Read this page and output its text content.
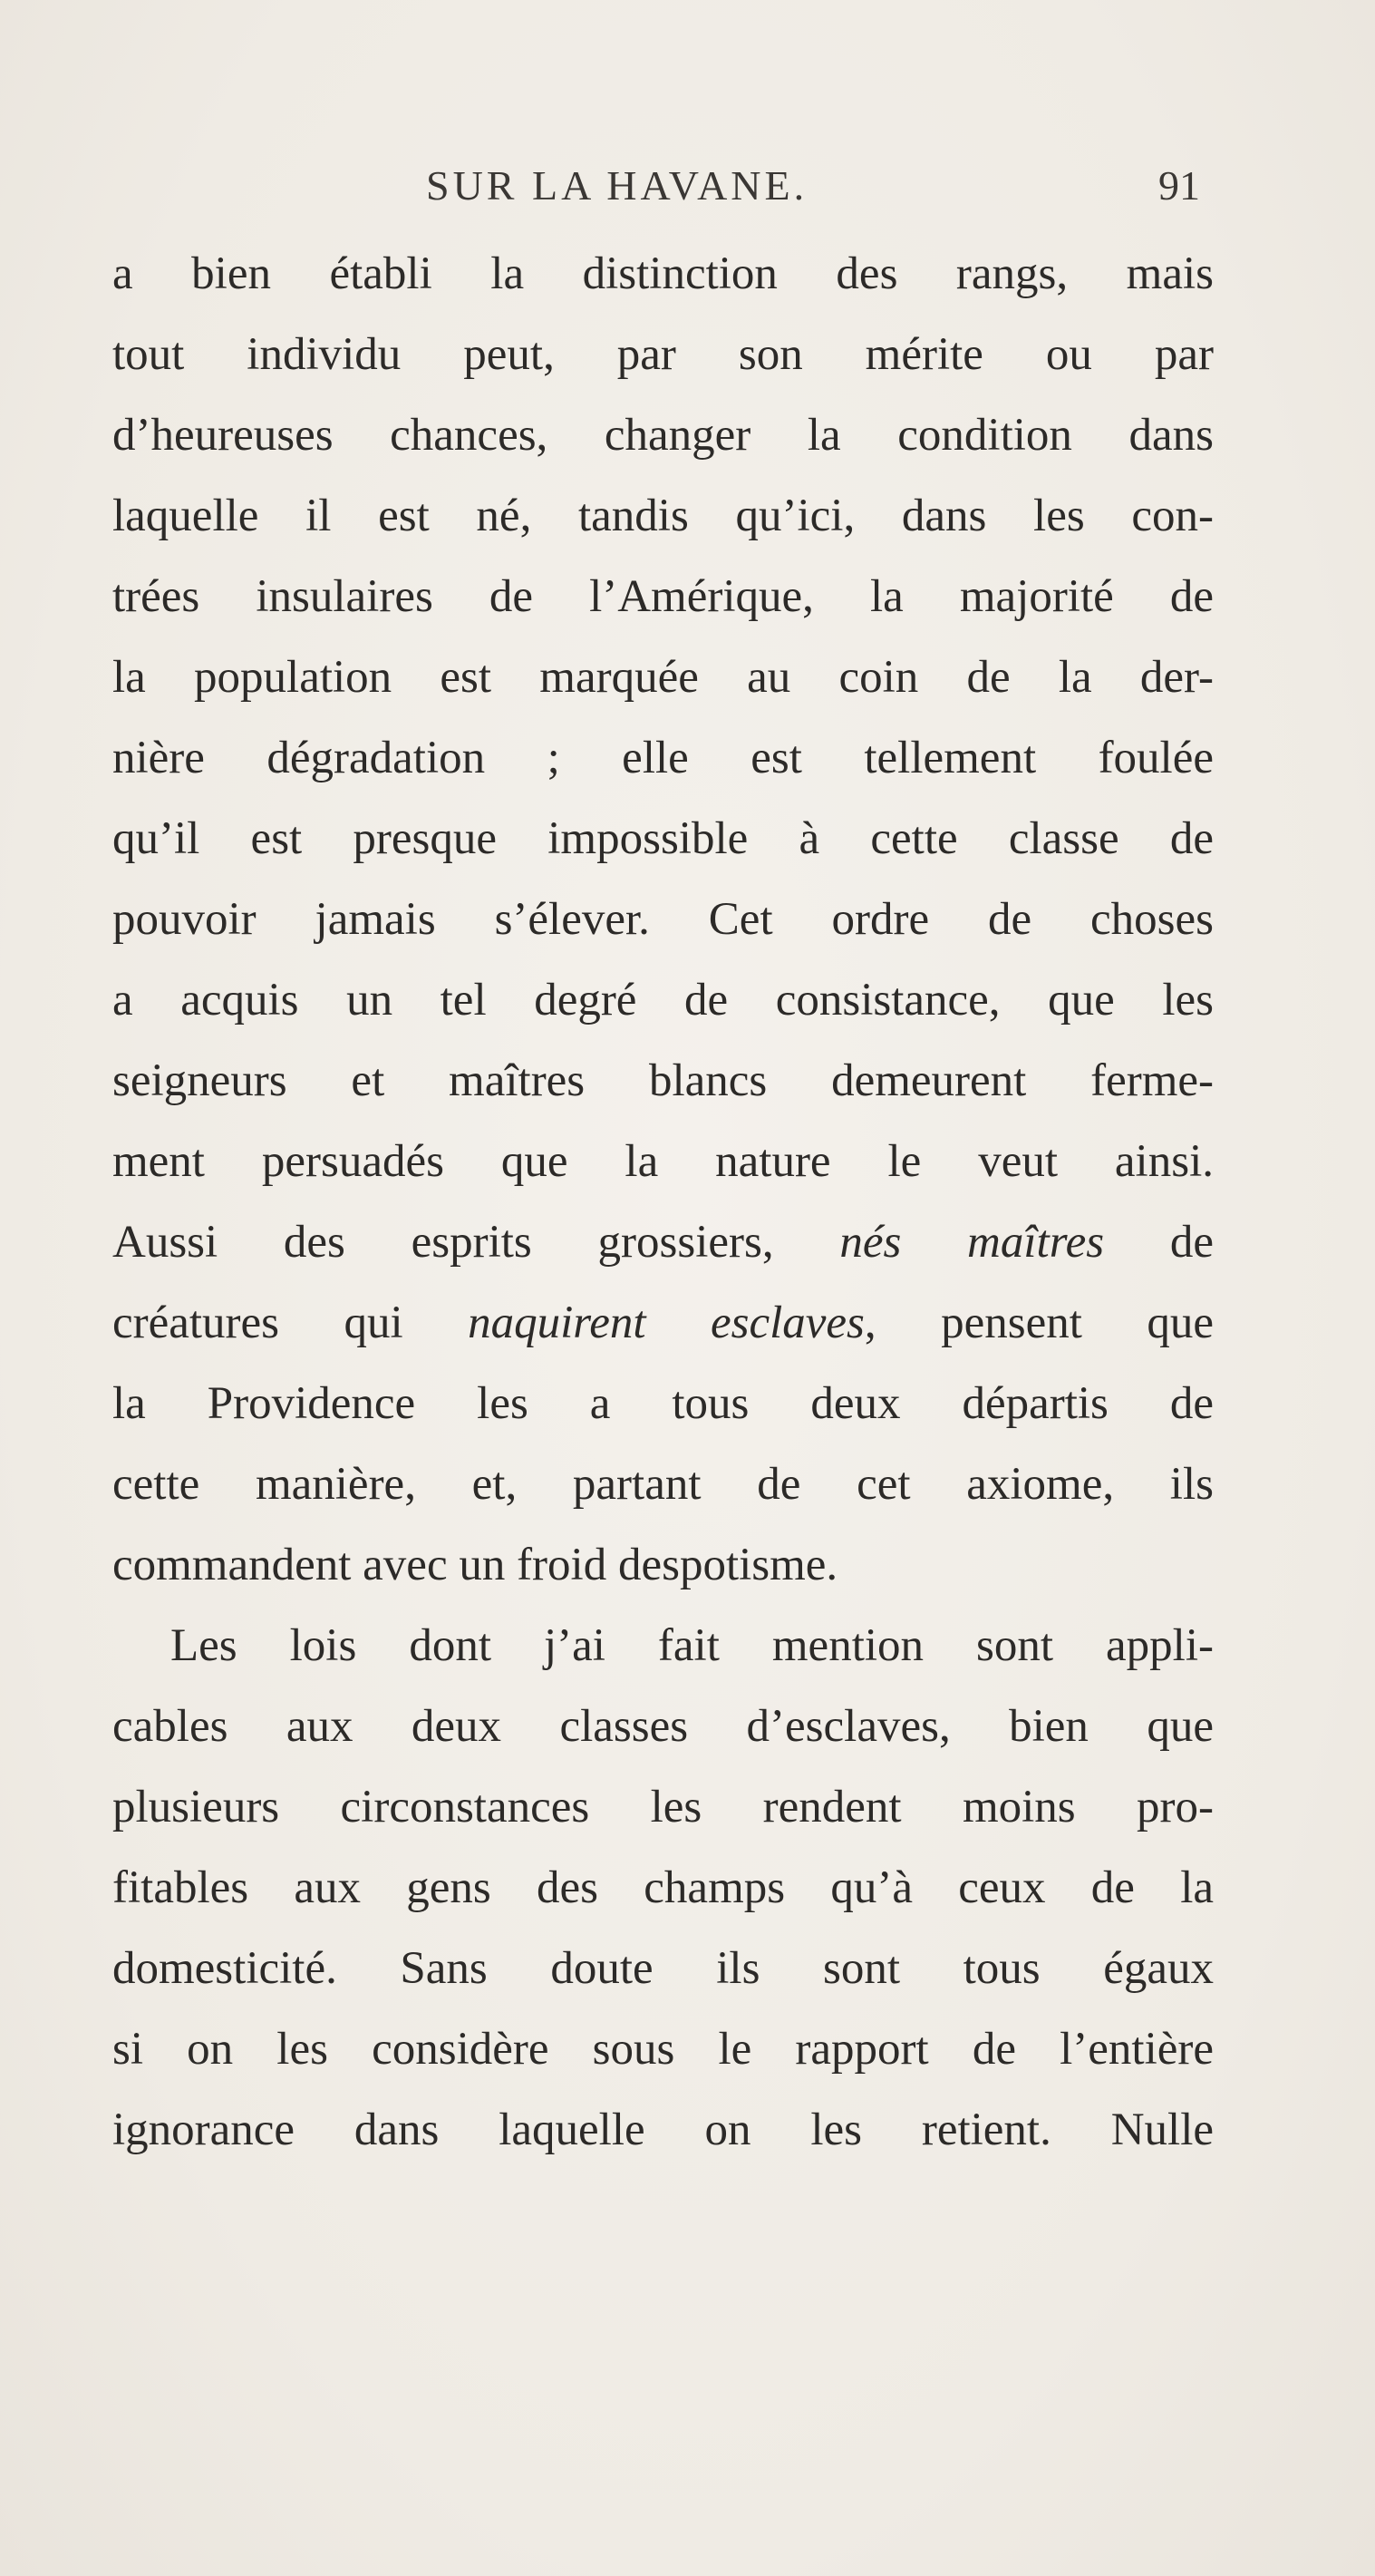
SUR LA HAVANE.	91
a bien établi la distinction des rangs, mais
tout individu peut, par son mérite ou par
d’heureuses chances, changer la condition dans
laquelle il est né, tandis qu’ici, dans les con-
trées insulaires de l’Amérique, la majorité de
la population est marquée au coin de la der-
nière dégradation ; elle est tellement foulée
qu’il est presque impossible à cette classe de
pouvoir jamais s’élever. Cet ordre de choses
a acquis un tel degré de consistance, que les
seigneurs et maîtres blancs demeurent ferme-
ment persuadés que la nature le veut ainsi.
Aussi des esprits grossiers, nés maîtres de
créatures qui naquirent esclaves, pensent que
la Providence les a tous deux départis de
cette manière, et, partant de cet axiome, ils
commandent avec un froid despotisme.
Les lois dont j’ai fait mention sont appli-
cables aux deux classes d’esclaves, bien que
plusieurs circonstances les rendent moins pro-
fitables aux gens des champs qu’à ceux de la
domesticité. Sans doute ils sont tous égaux
si on les considère sous le rapport de l’entière
ignorance dans laquelle on les retient. Nulle
